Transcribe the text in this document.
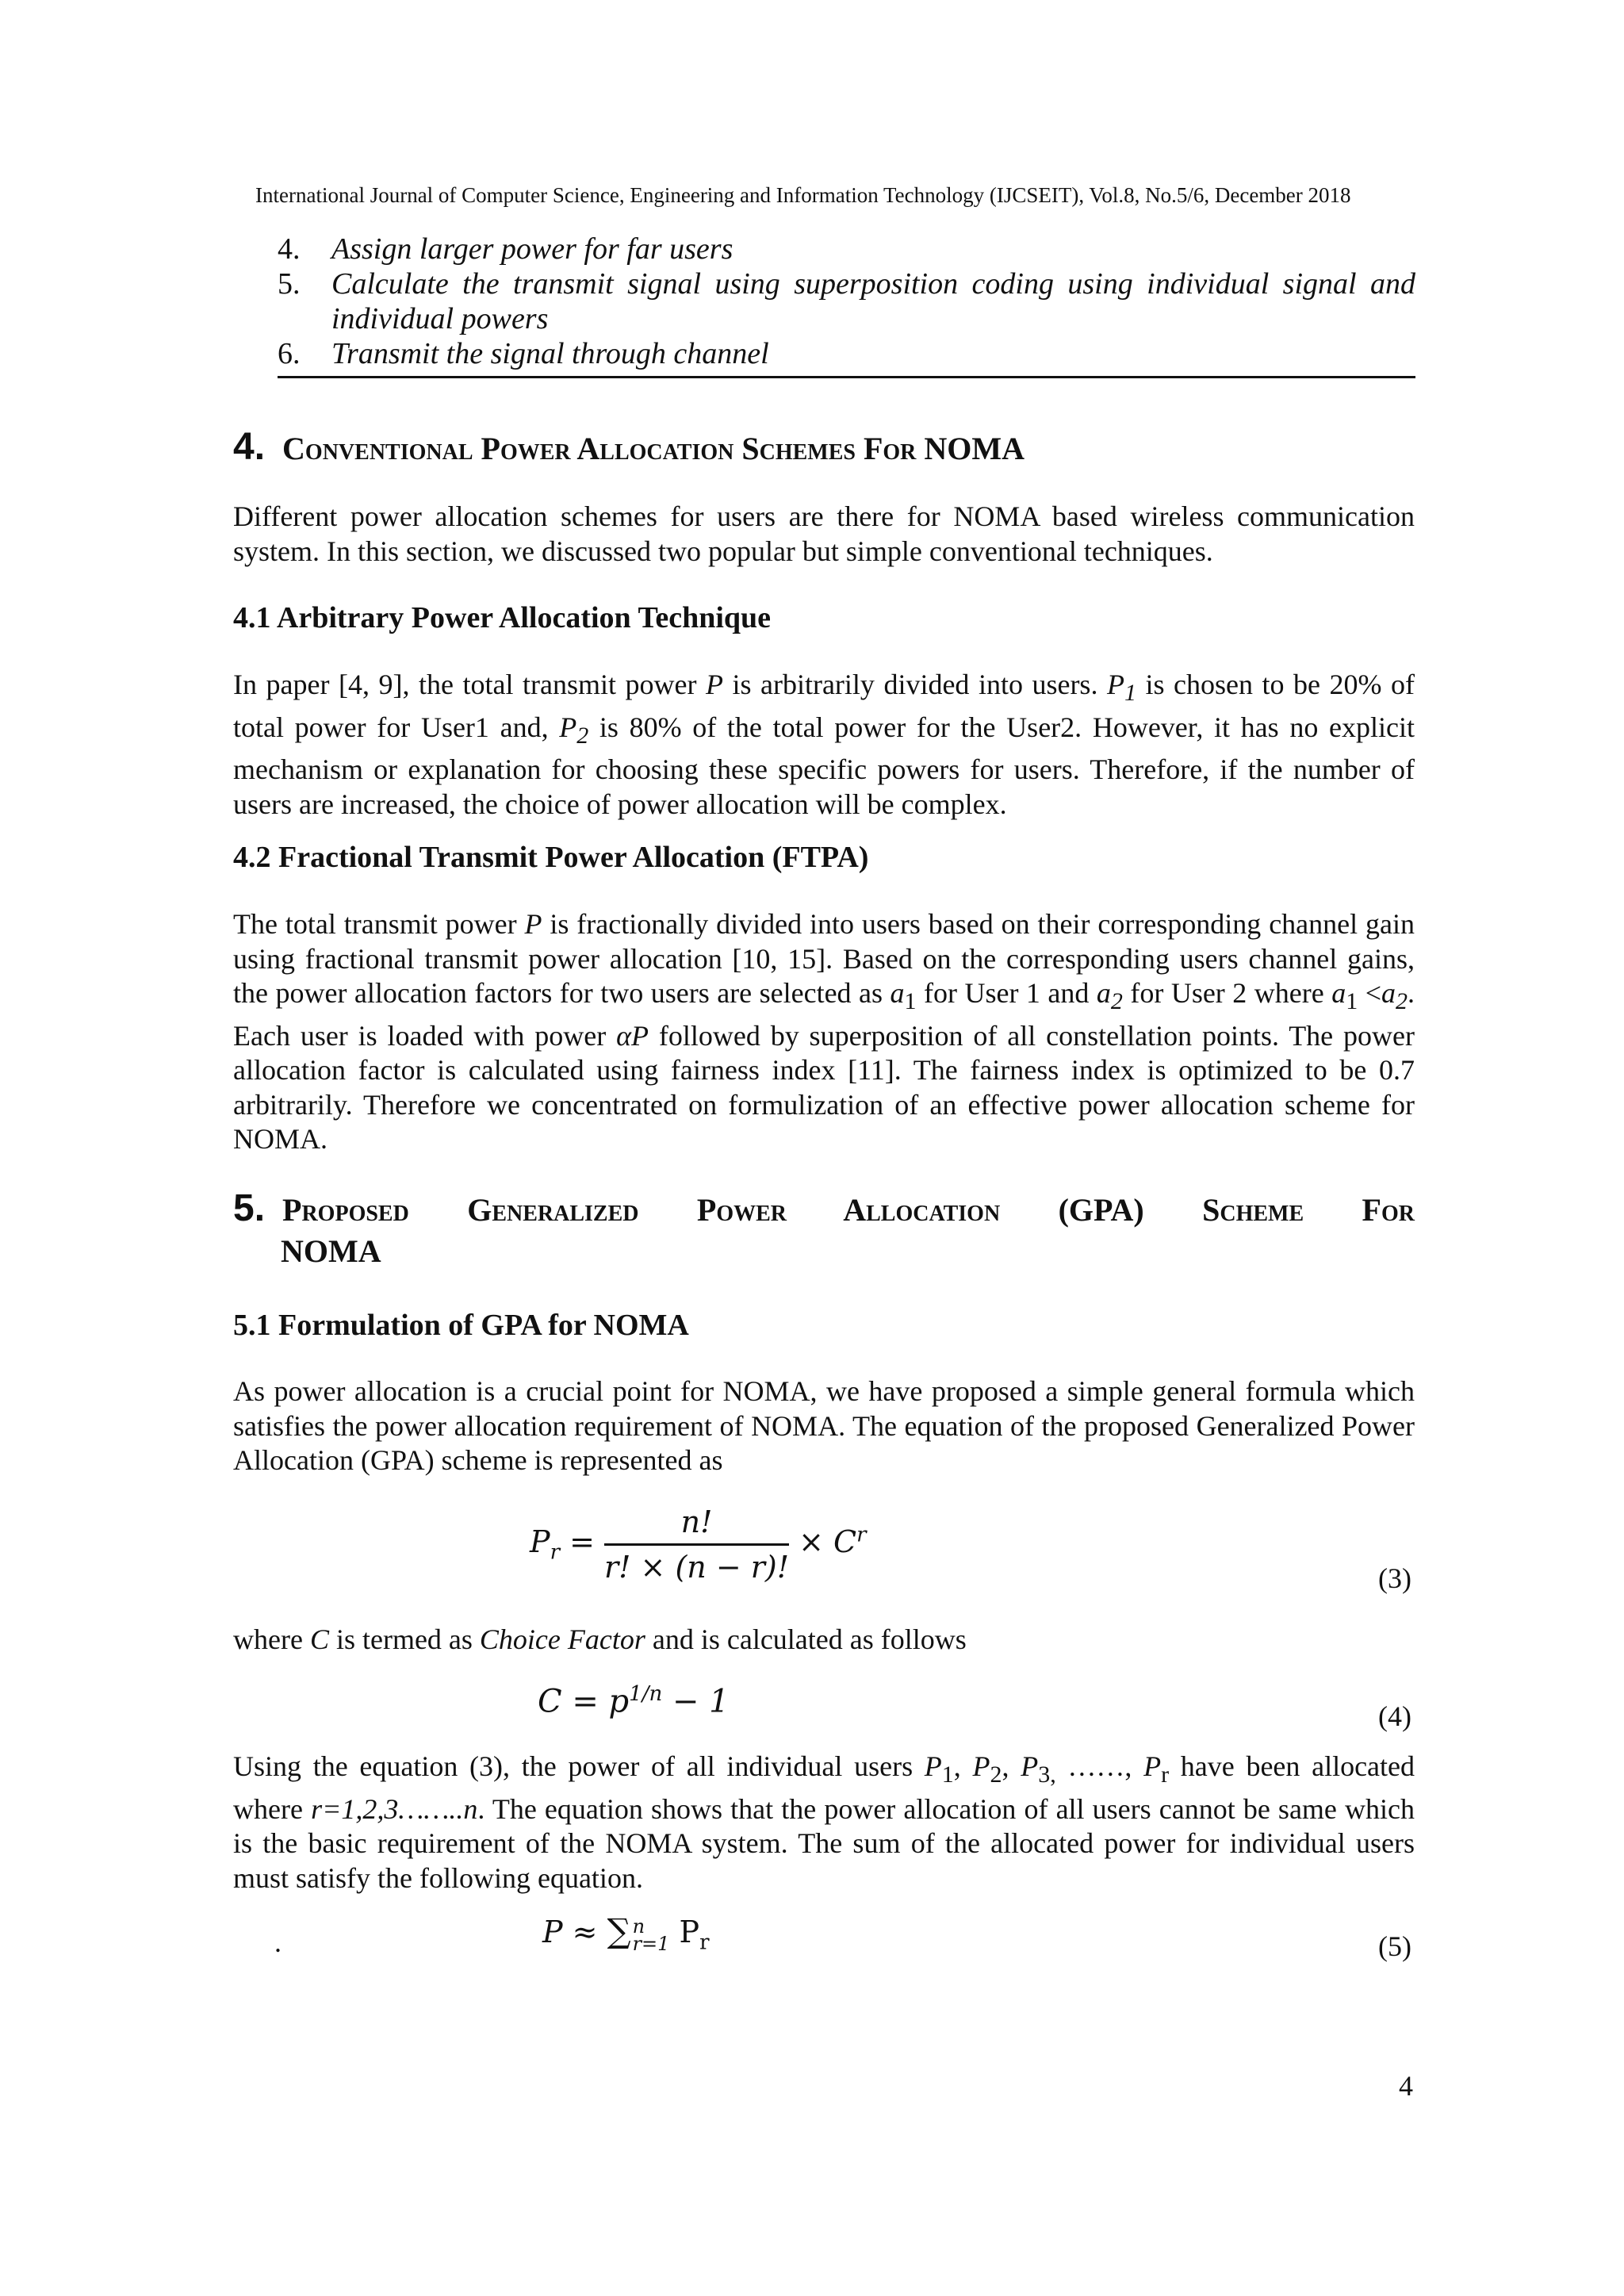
International Journal of Computer Science, Engineering and Information Technology (IJCSEIT), Vol.8, No.5/6, December 2018
4. Assign larger power for far users
5. Calculate the transmit signal using superposition coding using individual signal and individual powers
6. Transmit the signal through channel
4. Conventional Power Allocation Schemes For NOMA

Different power allocation schemes for users are there for NOMA based wireless communication system. In this section, we discussed two popular but simple conventional techniques.

4.1 Arbitrary Power Allocation Technique

In paper [4, 9], the total transmit power P is arbitrarily divided into users. $P_1$ is chosen to be 20% of total power for User1 and, $P_2$ is 80% of the total power for the User2. However, it has no explicit mechanism or explanation for choosing these specific powers for users. Therefore, if the number of users are increased, the choice of power allocation will be complex.

4.2 Fractional Transmit Power Allocation (FTPA)

The total transmit power P is fractionally divided into users based on their corresponding channel gain using fractional transmit power allocation [10, 15]. Based on the corresponding users channel gains, the power allocation factors for two users are selected as $a_1$ for User 1 and $a_2$ for User 2 where $a_1 <a_2$. Each user is loaded with power αP followed by superposition of all constellation points. The power allocation factor is calculated using fairness index [11]. The fairness index is optimized to be 0.7 arbitrarily. Therefore we concentrated on formulization of an effective power allocation scheme for NOMA.

5. Proposed Generalized Power Allocation (GPA) Scheme For
NOMA
5.1 Formulation of GPA for NOMA

As power allocation is a crucial point for NOMA, we have proposed a simple general formula which satisfies the power allocation requirement of NOMA. The equation of the proposed Generalized Power Allocation (GPA) scheme is represented as

$P_r = \frac{n!}{r! \times (n - r)!} \times C^r$
(3)

where C is termed as Choice Factor and is calculated as follows

$C = p^{1/n} - 1$	(4)

Using the equation (3), the power of all individual users $P_1$, $P_2$, $P_{3,}$ ……, $P_r$ have been allocated where r=1,2,3……..n. The equation shows that the power allocation of all users cannot be same which is the basic requirement of the NOMA system. The sum of the allocated power for individual users must satisfy the following equation.

.	P ≈ ∑ n
r=1 $P_r$	(5)
4
